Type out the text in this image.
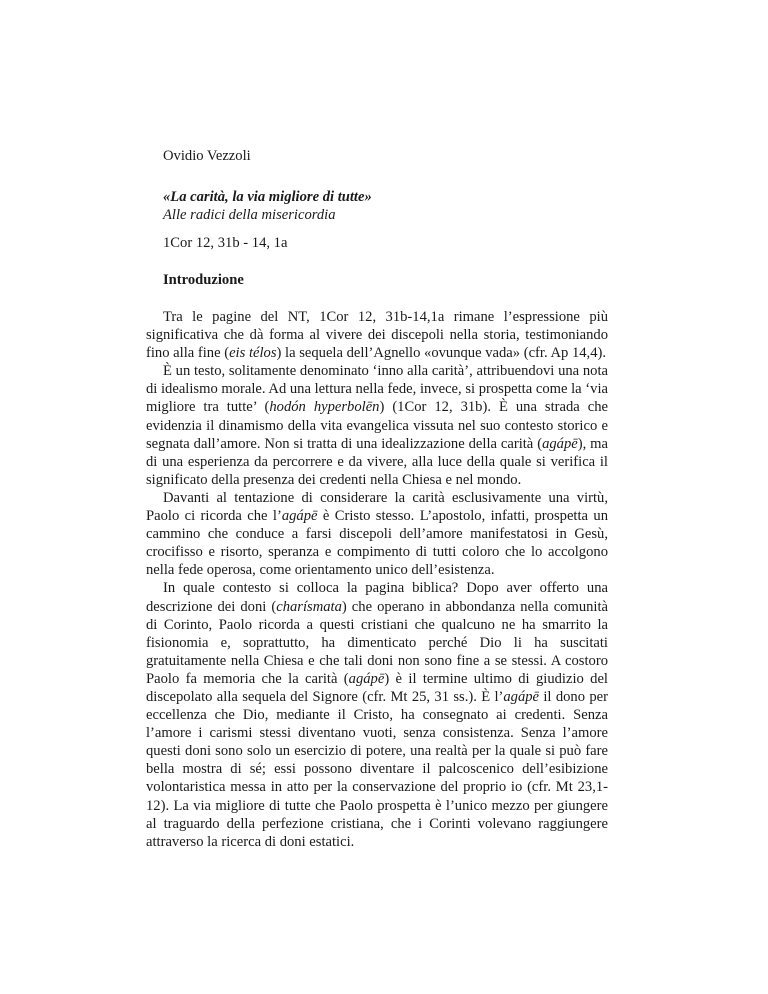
Ovidio Vezzoli
«La carità, la via migliore di tutte»
Alle radici della misericordia
1Cor 12, 31b - 14, 1a
Introduzione

Tra le pagine del NT, 1Cor 12, 31b-14,1a rimane l’espressione più significativa che dà forma al vivere dei discepoli nella storia, testimoniando fino alla fine (eis télos) la sequela dell’Agnello «ovunque vada» (cfr. Ap 14,4).

È un testo, solitamente denominato ‘inno alla carità’, attribuendovi una nota di idealismo morale. Ad una lettura nella fede, invece, si prospetta come la ‘via migliore tra tutte’ (hodón hyperbolēn) (1Cor 12, 31b). È una strada che evidenzia il dinamismo della vita evangelica vissuta nel suo contesto storico e segnata dall’amore. Non si tratta di una idealizzazione della carità (agápē), ma di una esperienza da percorrere e da vivere, alla luce della quale si verifica il significato della presenza dei credenti nella Chiesa e nel mondo.

Davanti al tentazione di considerare la carità esclusivamente una virtù, Paolo ci ricorda che l’agápē è Cristo stesso. L’apostolo, infatti, prospetta un cammino che conduce a farsi discepoli dell’amore manifestatosi in Gesù, crocifisso e risorto, speranza e compimento di tutti coloro che lo accolgono nella fede operosa, come orientamento unico dell’esistenza.

In quale contesto si colloca la pagina biblica? Dopo aver offerto una descrizione dei doni (charísmata) che operano in abbondanza nella comunità di Corinto, Paolo ricorda a questi cristiani che qualcuno ne ha smarrito la fisionomia e, soprattutto, ha dimenticato perché Dio li ha suscitati gratuitamente nella Chiesa e che tali doni non sono fine a se stessi. A costoro Paolo fa memoria che la carità (agápē) è il termine ultimo di giudizio del discepolato alla sequela del Signore (cfr. Mt 25, 31 ss.). È l’agápē il dono per eccellenza che Dio, mediante il Cristo, ha consegnato ai credenti. Senza l’amore i carismi stessi diventano vuoti, senza consistenza. Senza l’amore questi doni sono solo un esercizio di potere, una realtà per la quale si può fare bella mostra di sé; essi possono diventare il palcoscenico dell’esibizione volontaristica messa in atto per la conservazione del proprio io (cfr. Mt 23,1-12). La via migliore di tutte che Paolo prospetta è l’unico mezzo per giungere al traguardo della perfezione cristiana, che i Corinti volevano raggiungere attraverso la ricerca di doni estatici.
